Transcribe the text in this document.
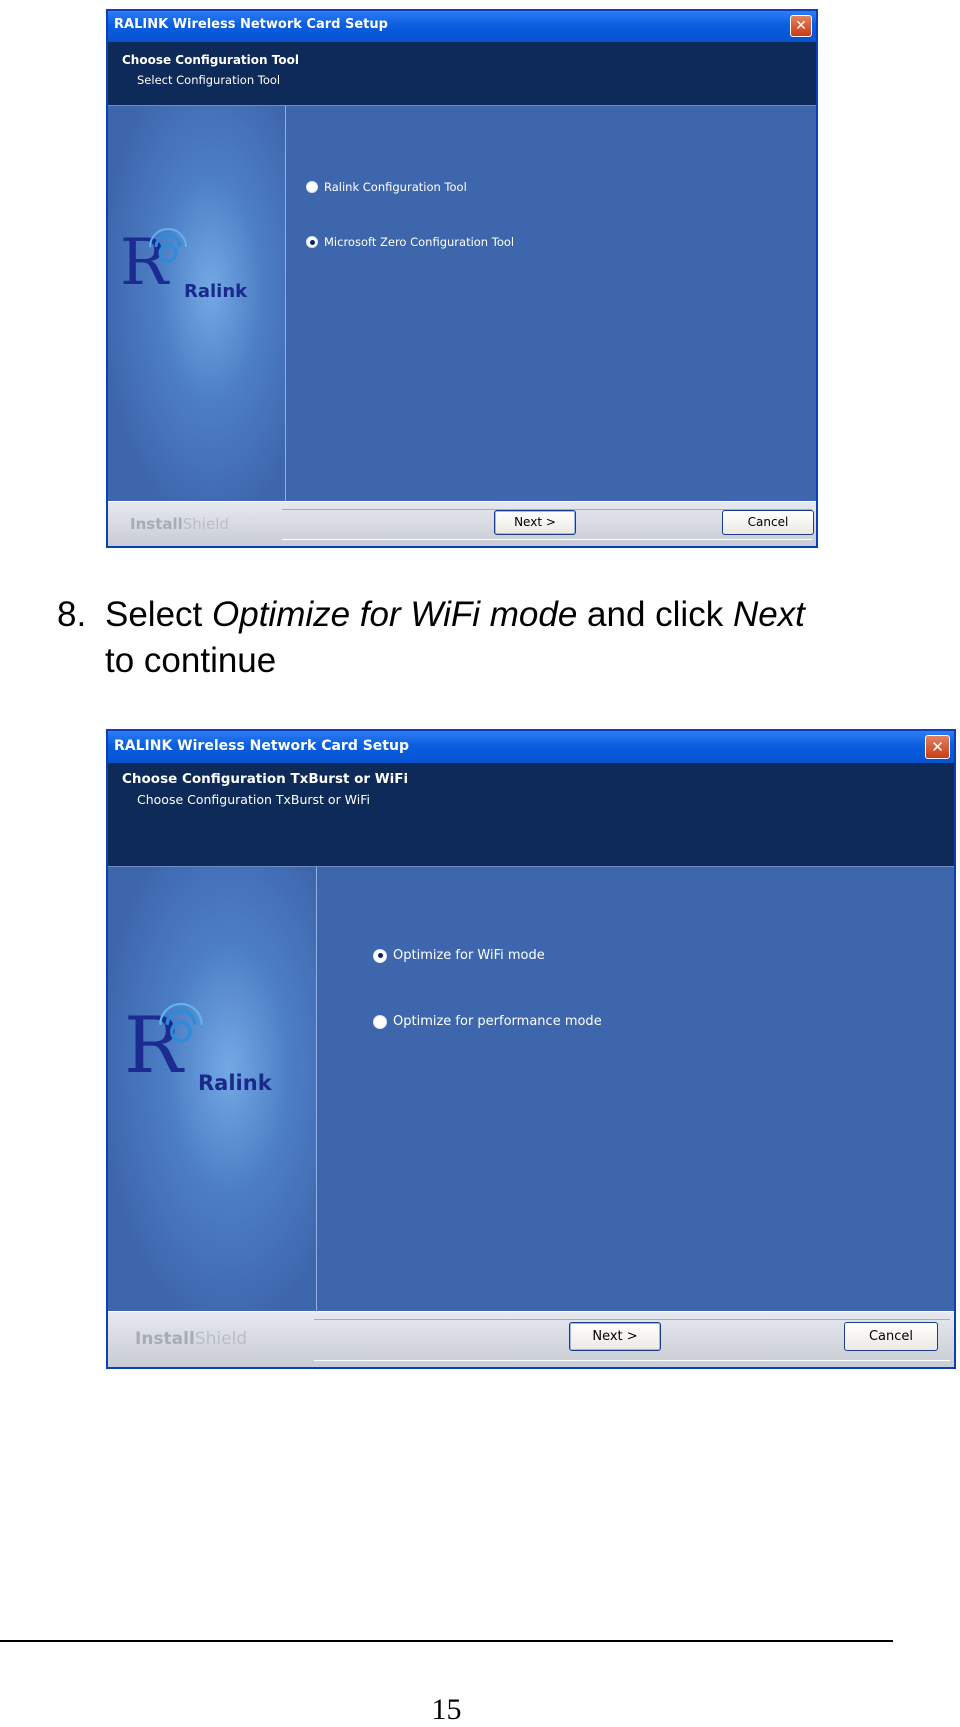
RALINK Wireless Network Card Setup	✕
Choose Configuration Tool
Select Configuration Tool
R Ralink
Ralink Configuration Tool
Microsoft Zero Configuration Tool
InstallShield	Next >	Cancel
8. Select Optimize for WiFi mode and click Next
to continue
RALINK Wireless Network Card Setup	✕
Choose Configuration TxBurst or WiFi
Choose Configuration TxBurst or WiFi
R Ralink
Optimize for WiFi mode
Optimize for performance mode
InstallShield	Next >	Cancel
15
